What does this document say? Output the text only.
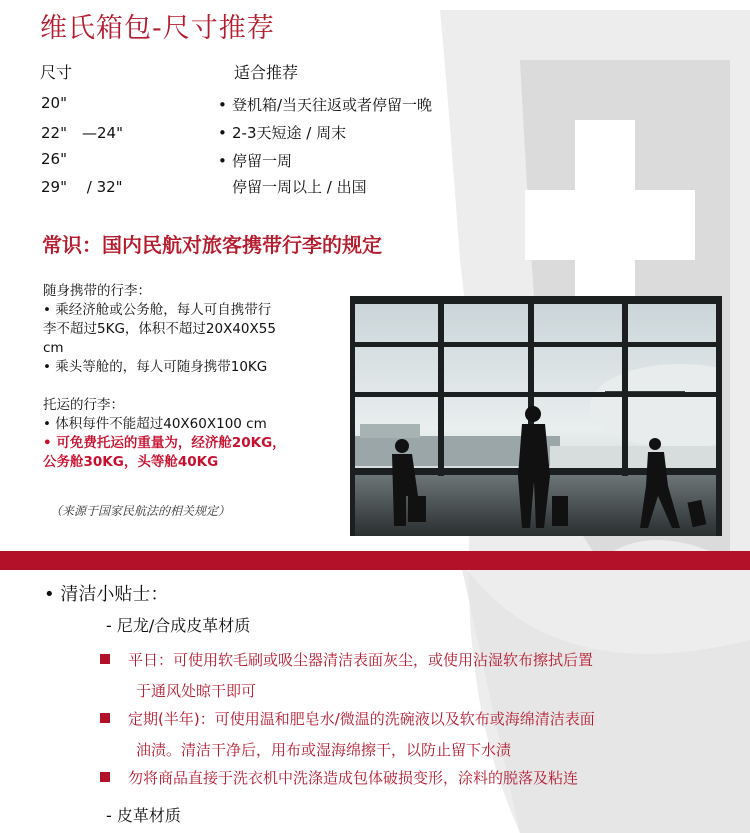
维氏箱包-尺寸推荐
尺寸	适合推荐
20"	• 登机箱/当天往返或者停留一晚
22"　—24"	• 2-3天短途 / 周末
26"	• 停留一周
29"　 / 32"	停留一周以上 / 出国
常识：国内民航对旅客携带行李的规定
随身携带的行李：
• 乘经济舱或公务舱，每人可自携带行
李不超过5KG，体积不超过20X40X55
cm
• 乘头等舱的，每人可随身携带10KG
托运的行李：
• 体积每件不能超过40X60X100 cm
• 可免费托运的重量为，经济舱20KG，
公务舱30KG，头等舱40KG
（来源于国家民航法的相关规定）
• 清洁小贴士：
- 尼龙/合成皮革材质
平日：可使用软毛刷或吸尘器清洁表面灰尘，或使用沾湿软布擦拭后置
于通风处晾干即可
定期(半年)：可使用温和肥皂水/微温的洗碗液以及软布或海绵清洁表面
油渍。清洁干净后，用布或湿海绵擦干，以防止留下水渍
勿将商品直接于洗衣机中洗涤造成包体破损变形，涂料的脱落及粘连
- 皮革材质
